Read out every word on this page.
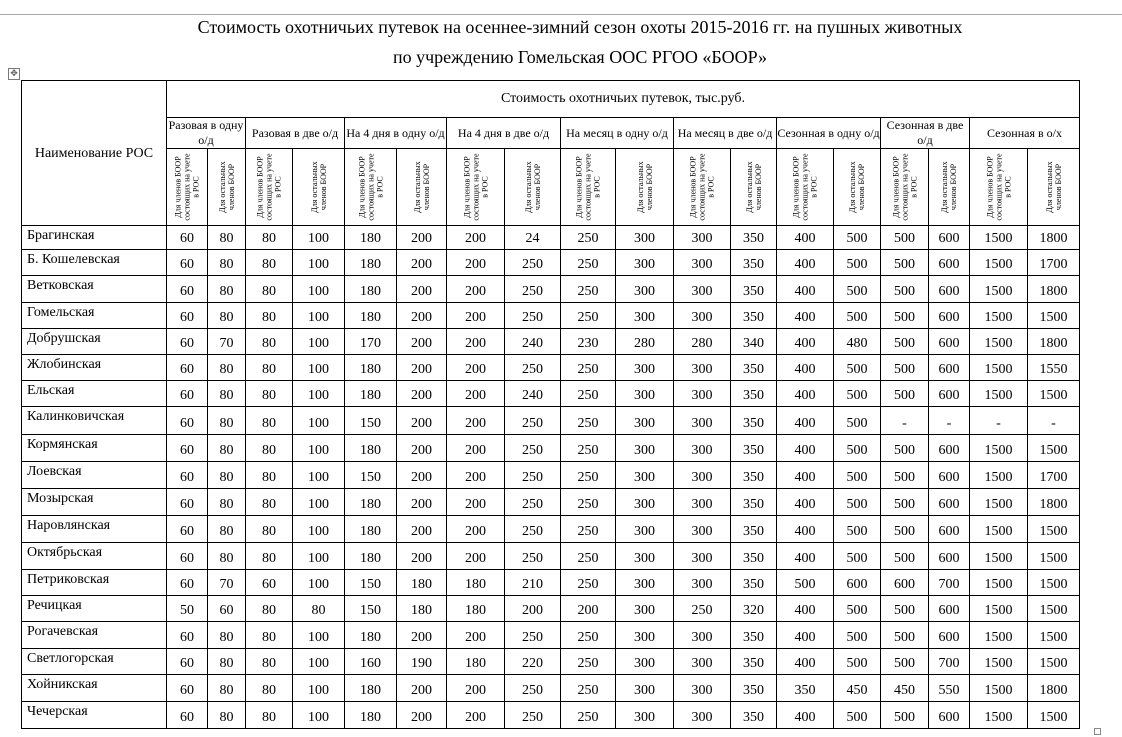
Стоимость охотничьих путевок на осеннее-зимний сезон охоты 2015-2016 гг. на пушных животных
по учреждению Гомельская ООС РГОО «БООР»
✥
Наименование РОС	Стоимость охотничьих путевок, тыс.руб.																	
	Разовая в одну о/д		Разовая в две о/д		На 4 дня в одну о/д		На 4 дня в две о/д		На месяц в одну о/д		На месяц в две о/д		Сезонная в одну о/д		Сезонная в две о/д		Сезонная в о/х	

	Для членов БООР состоящих на учете в РОС	Для остальных членов БООР	Для членов БООР состоящих на учете в РОС	Для остальных членов БООР	Для членов БООР состоящих на учете в РОС	Для остальных членов БООР	Для членов БООР состоящих на учете в РОС	Для остальных членов БООР	Для членов БООР состоящих на учете в РОС	Для остальных членов БООР	Для членов БООР состоящих на учете в РОС	Для остальных членов БООР	Для членов БООР состоящих на учете в РОС	Для остальных членов БООР	Для членов БООР состоящих на учете в РОС	Для остальных членов БООР	Для членов БООР состоящих на учете в РОС	Для остальных членов БООР

Брагинская	60	80	80	100	180	200	200	24	250	300	300	350	400	500	500	600	1500	1800
Б. Кошелевская	60	80	80	100	180	200	200	250	250	300	300	350	400	500	500	600	1500	1700
Ветковская	60	80	80	100	180	200	200	250	250	300	300	350	400	500	500	600	1500	1800
Гомельская	60	80	80	100	180	200	200	250	250	300	300	350	400	500	500	600	1500	1500
Добрушская	60	70	80	100	170	200	200	240	230	280	280	340	400	480	500	600	1500	1800
Жлобинская	60	80	80	100	180	200	200	250	250	300	300	350	400	500	500	600	1500	1550
Ельская	60	80	80	100	180	200	200	240	250	300	300	350	400	500	500	600	1500	1500
Калинковичская	60	80	80	100	150	200	200	250	250	300	300	350	400	500	-	-	-	-
Кормянская	60	80	80	100	180	200	200	250	250	300	300	350	400	500	500	600	1500	1500
Лоевская	60	80	80	100	150	200	200	250	250	300	300	350	400	500	500	600	1500	1700
Мозырская	60	80	80	100	180	200	200	250	250	300	300	350	400	500	500	600	1500	1800
Наровлянская	60	80	80	100	180	200	200	250	250	300	300	350	400	500	500	600	1500	1500
Октябрьская	60	80	80	100	180	200	200	250	250	300	300	350	400	500	500	600	1500	1500
Петриковская	60	70	60	100	150	180	180	210	250	300	300	350	500	600	600	700	1500	1500
Речицкая	50	60	80	80	150	180	180	200	200	300	250	320	400	500	500	600	1500	1500
Рогачевская	60	80	80	100	180	200	200	250	250	300	300	350	400	500	500	600	1500	1500
Светлогорская	60	80	80	100	160	190	180	220	250	300	300	350	400	500	500	700	1500	1500
Хойникская	60	80	80	100	180	200	200	250	250	300	300	350	350	450	450	550	1500	1800
Чечерская	60	80	80	100	180	200	200	250	250	300	300	350	400	500	500	600	1500	1500
